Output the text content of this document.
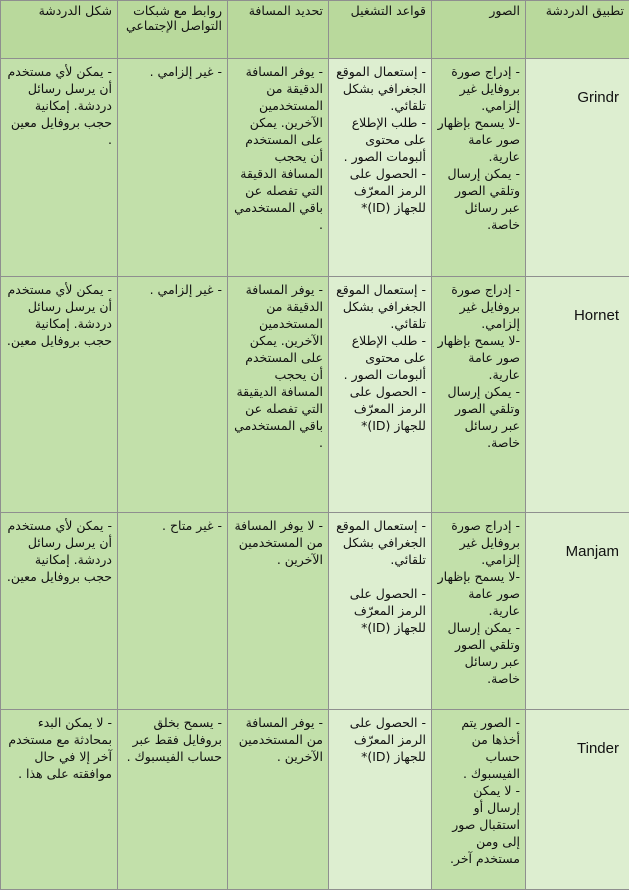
تطبيق الدردشة	الصور	قواعد التشغيل	تحديد المسافة	روابط مع شبكات التواصل الإجتماعي	شكل الدردشة
Grindr	- إدراج صورة بروفايل غير إلزامي.
-لا يسمح بإظهار صور عامة عارية.
- يمكن إرسال وتلقي الصور عبر رسائل خاصة.	- إستعمال الموقع الجغرافي بشكل تلقائي.
- طلب الإطلاع على محتوى ألبومات الصور .
- الحصول على الرمز المعرّف للجهاز (ID)*	- يوفر المسافة الدقيقة من المستخدمين الآخرين. يمكن على المستخدم أن يحجب المسافة الدقيقة التي تفصله عن باقي المستخدمي .	- غير إلزامي .	- يمكن لأي مستخدم أن يرسل رسائل دردشة. إمكانية حجب بروفايل معين .
Hornet	- إدراج صورة بروفايل غير إلزامي.
-لا يسمح بإظهار صور عامة عارية.
- يمكن إرسال وتلقي الصور عبر رسائل خاصة.	- إستعمال الموقع الجغرافي بشكل تلقائي.
- طلب الإطلاع على محتوى ألبومات الصور .
- الحصول على الرمز المعرّف للجهاز (ID)*	- يوفر المسافة الدقيقة من المستخدمين الآخرين. يمكن على المستخدم أن يحجب المسافة الديقيقة التي تفصله عن باقي المستخدمي .	- غير إلزامي .	- يمكن لأي مستخدم أن يرسل رسائل دردشة. إمكانية حجب بروفايل معين.
Manjam	- إدراج صورة بروفايل غير إلزامي.
-لا يسمح بإظهار صور عامة عارية.
- يمكن إرسال وتلقي الصور عبر رسائل خاصة.	- إستعمال الموقع الجغرافي بشكل تلقائي.
- الحصول على الرمز المعرّف للجهاز (ID)*	- لا يوفر المسافة من المستخدمين الآخرين .	- غير متاح .	- يمكن لأي مستخدم أن يرسل رسائل دردشة. إمكانية حجب بروفايل معين.
Tinder	- الصور يتم أخذها من حساب الفيسبوك .
- لا يمكن إرسال أو استقبال صور إلى ومن مستخدم آخر.	- الحصول على الرمز المعرّف للجهاز (ID)*	- يوفر المسافة من المستخدمين الآخرين .	- يسمح بخلق بروفايل فقط عبر حساب الفيسبوك .	- لا يمكن البدء بمحادثة مع مستخدم آخر إلا في حال موافقته على هذا .
